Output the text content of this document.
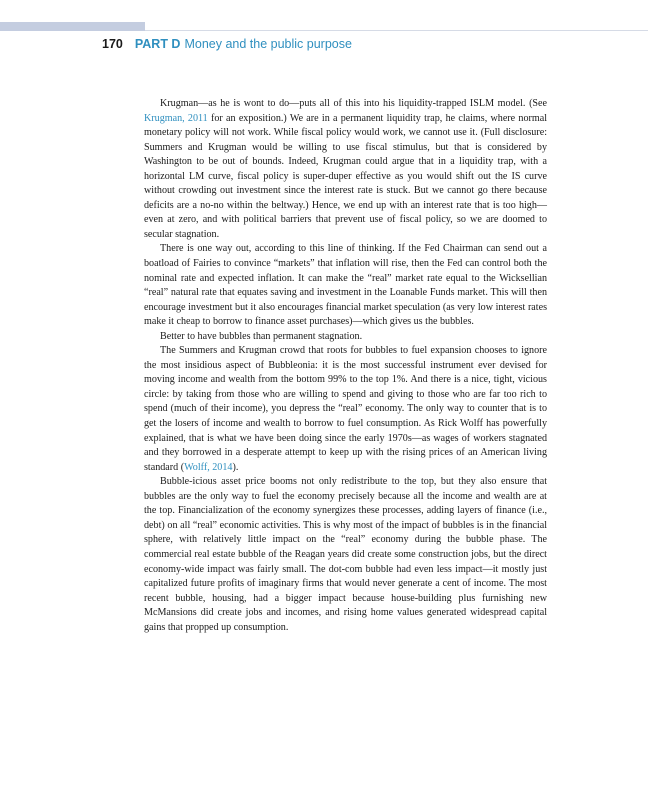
170 PART D Money and the public purpose

Krugman—as he is wont to do—puts all of this into his liquidity-trapped ISLM model. (See Krugman, 2011 for an exposition.) We are in a permanent liquidity trap, he claims, where normal monetary policy will not work. While fiscal policy would work, we cannot use it. (Full disclosure: Summers and Krugman would be willing to use fiscal stimulus, but that is considered by Washington to be out of bounds. Indeed, Krugman could argue that in a liquidity trap, with a horizontal LM curve, fiscal policy is super-duper effective as you would shift out the IS curve without crowding out investment since the interest rate is stuck. But we cannot go there because deficits are a no-no within the beltway.) Hence, we end up with an interest rate that is too high—even at zero, and with political barriers that prevent use of fiscal policy, so we are doomed to secular stagnation.

There is one way out, according to this line of thinking. If the Fed Chairman can send out a boatload of Fairies to convince “markets” that inflation will rise, then the Fed can control both the nominal rate and expected inflation. It can make the “real” market rate equal to the Wicksellian “real” natural rate that equates saving and investment in the Loanable Funds market. This will then encourage investment but it also encourages financial market speculation (as very low interest rates make it cheap to borrow to finance asset purchases)—which gives us the bubbles.

Better to have bubbles than permanent stagnation.

The Summers and Krugman crowd that roots for bubbles to fuel expansion chooses to ignore the most insidious aspect of Bubbleonia: it is the most successful instrument ever devised for moving income and wealth from the bottom 99% to the top 1%. And there is a nice, tight, vicious circle: by taking from those who are willing to spend and giving to those who are far too rich to spend (much of their income), you depress the “real” economy. The only way to counter that is to get the losers of income and wealth to borrow to fuel consumption. As Rick Wolff has powerfully explained, that is what we have been doing since the early 1970s—as wages of workers stagnated and they borrowed in a desperate attempt to keep up with the rising prices of an American living standard (Wolff, 2014).

Bubble-icious asset price booms not only redistribute to the top, but they also ensure that bubbles are the only way to fuel the economy precisely because all the income and wealth are at the top. Financialization of the economy synergizes these processes, adding layers of finance (i.e., debt) on all “real” economic activities. This is why most of the impact of bubbles is in the financial sphere, with relatively little impact on the “real” economy during the bubble phase. The commercial real estate bubble of the Reagan years did create some construction jobs, but the direct economy-wide impact was fairly small. The dot-com bubble had even less impact—it mostly just capitalized future profits of imaginary firms that would never generate a cent of income. The most recent bubble, housing, had a bigger impact because house-building plus furnishing new McMansions did create jobs and incomes, and rising home values generated widespread capital gains that propped up consumption.
